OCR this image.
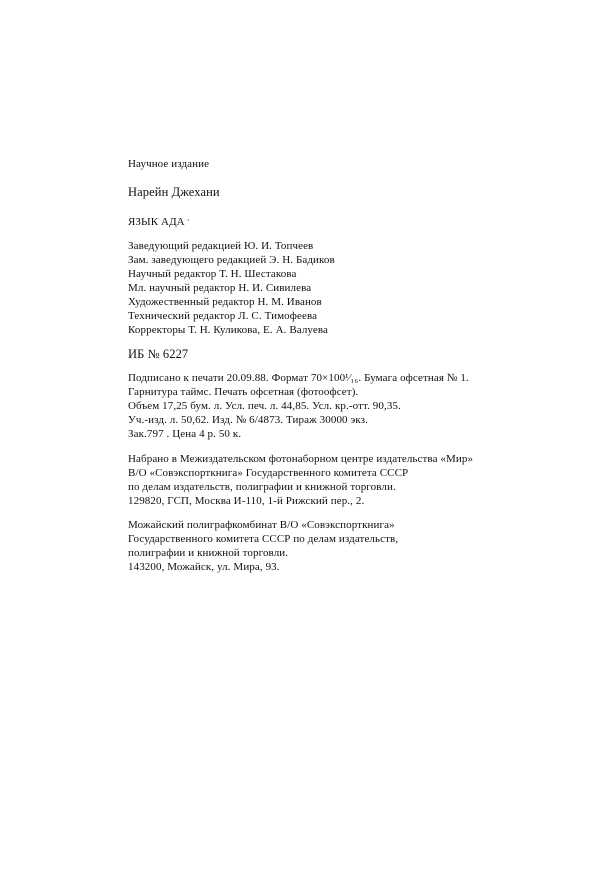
Научное издание
Нарейн Джехани
ЯЗЫК АДА ·
Заведующий редакцией Ю. И. Топчеев
Зам. заведующего редакцией Э. Н. Бадиков
Научный редактор Т. Н. Шестакова
Мл. научный редактор Н. И. Сивилева
Художественный редактор Н. М. Иванов
Технический редактор Л. С. Тимофеева
Корректоры Т. Н. Куликова, Е. А. Валуева
ИБ № 6227
Подписано к печати 20.09.88. Формат 70×100¹⁄₁₆. Бумага офсетная № 1.
Гарнитура таймс. Печать офсетная (фотоофсет).
Объем 17,25 бум. л. Усл. печ. л. 44,85. Усл. кр.-отт. 90,35.
Уч.-изд. л. 50,62. Изд. № 6/4873. Тираж 30000 экз.
Зак.797 . Цена 4 р. 50 к.
Набрано в Межиздательском фотонаборном центре издательства «Мир»
В/О «Совэкспорткнига» Государственного комитета СССР
по делам издательств, полиграфии и книжной торговли.
129820, ГСП, Москва И-110, 1-й Рижский пер., 2.
Можайский полиграфкомбинат В/О «Совэкспорткнига»
Государственного комитета СССР по делам издательств,
полиграфии и книжной торговли.
143200, Можайск, ул. Мира, 93.
